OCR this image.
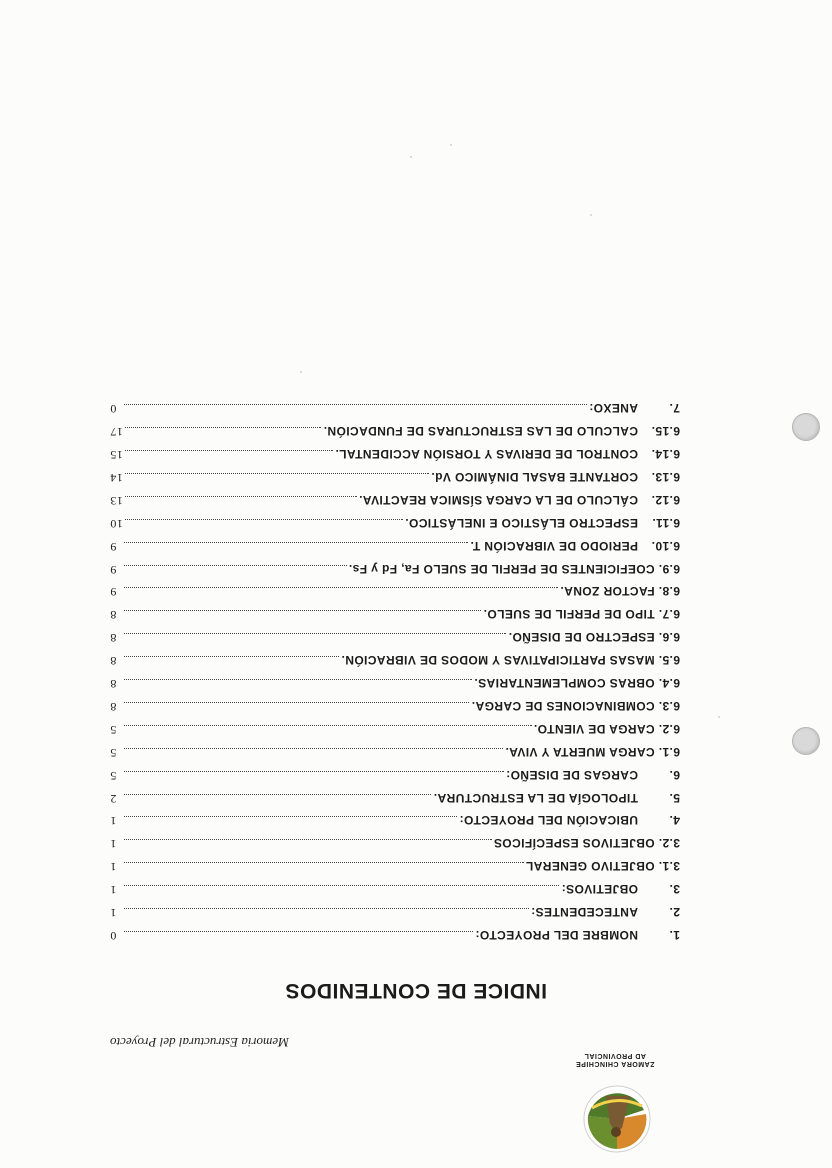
ZAMORA CHINCHIPE
AD PROVINCIAL
Memoria Estructural del Proyecto
INDICE DE CONTENIDOS
1.
NOMBRE DEL PROYECTO:
0
2.
ANTECEDENTES:
1
3.
OBJETIVOS:
1
3.1. OBJETIVO GENERAL
1
3.2. OBJETIVOS ESPECÍFICOS
1
4.
UBICACIÓN DEL PROYECTO:
1
5.
TIPOLOGÍA DE LA ESTRUCTURA.
2
6.
CARGAS DE DISEÑO:
5
6.1. CARGA MUERTA Y VIVA.
5
6.2. CARGA DE VIENTO.
5
6.3. COMBINACIONES DE CARGA.
8
6.4. OBRAS COMPLEMENTARIAS.
8
6.5. MASAS PARTICIPATIVAS Y MODOS DE VIBRACIÓN.
8
6.6. ESPECTRO DE DISEÑO.
8
6.7. TIPO DE PERFIL DE SUELO.
8
6.8. FACTOR ZONA.
9
6.9. COEFICIENTES DE PERFIL DE SUELO Fa, Fd y Fs.
9
6.10.
PERIODO DE VIBRACIÓN T.
9
6.11.
ESPECTRO ELÁSTICO E INELÁSTICO.
10
6.12.
CÁLCULO DE LA CARGA SÍSMICA REACTIVA.
13
6.13.
CORTANTE BASAL DINÁMICO Vd.
14
6.14.
CONTROL DE DERIVAS Y TORSIÓN ACCIDENTAL.
15
6.15.
CALCULO DE LAS ESTRUCTURAS DE FUNDACIÓN.
17
7.
ANEXO:
0
